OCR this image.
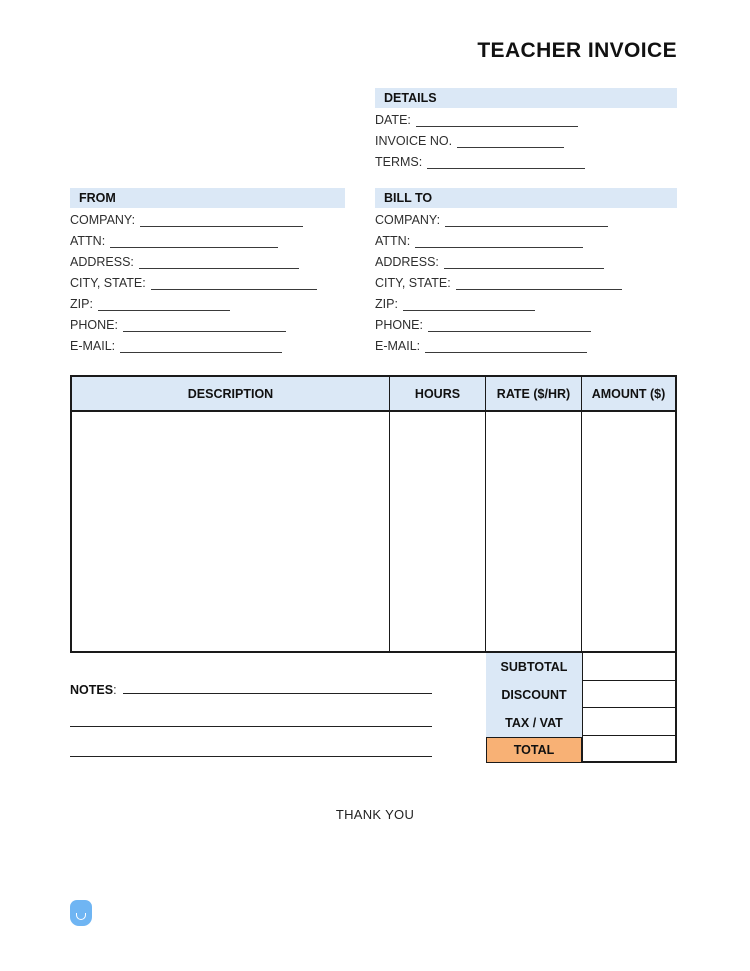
TEACHER INVOICE
DETAILS
DATE:
INVOICE NO.
TERMS:
FROM
COMPANY:
ATTN:
ADDRESS:
CITY, STATE:
ZIP:
PHONE:
E-MAIL:
BILL TO
COMPANY:
ATTN:
ADDRESS:
CITY, STATE:
ZIP:
PHONE:
E-MAIL:
DESCRIPTION	HOURS	RATE ($/HR)	AMOUNT ($)
SUBTOTAL
DISCOUNT
TAX / VAT
TOTAL
NOTES :
THANK YOU
